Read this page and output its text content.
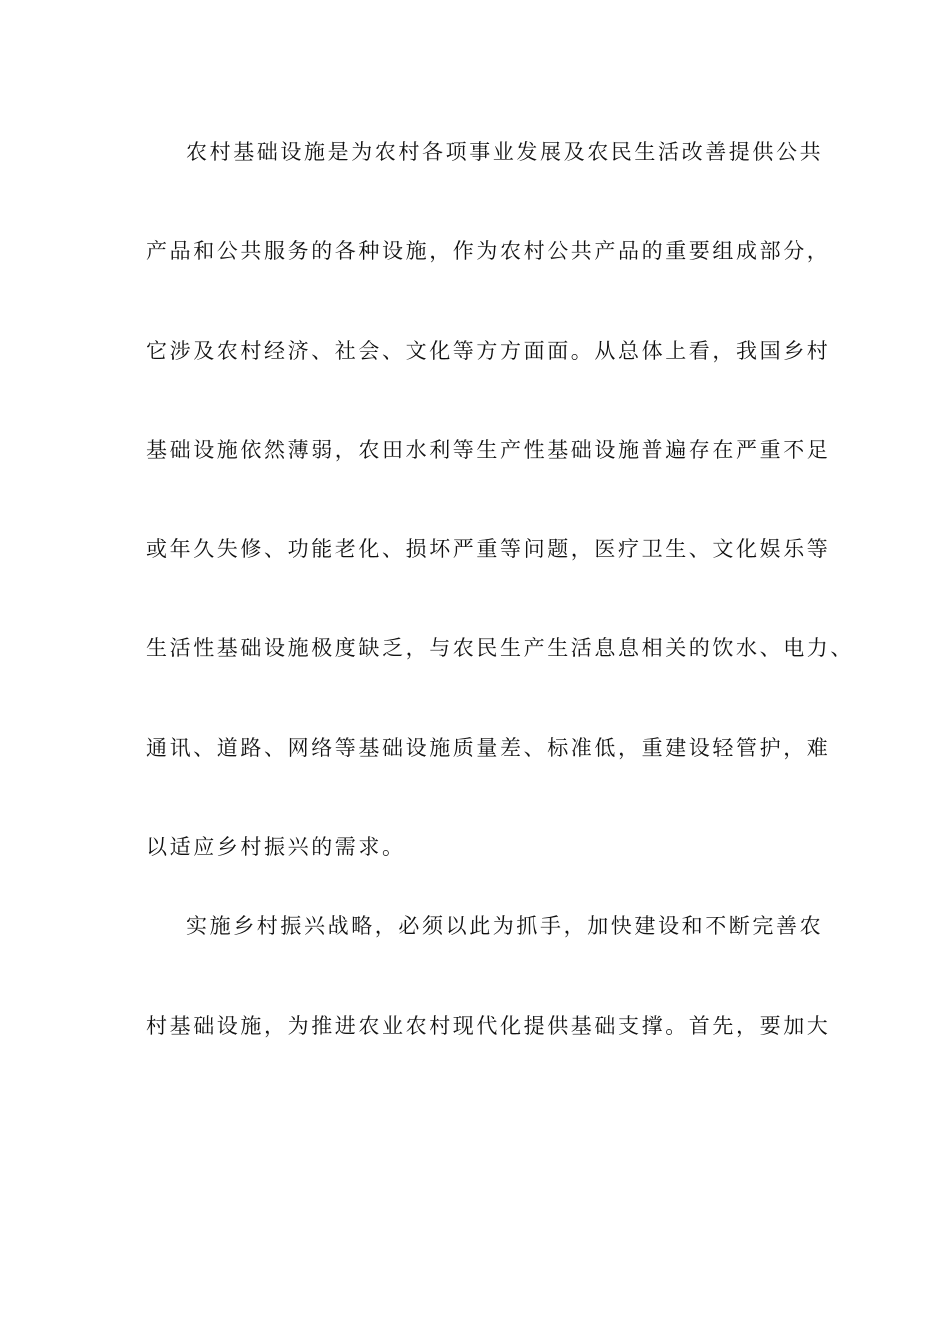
农村基础设施是为农村各项事业发展及农民生活改善提供公共
产品和公共服务的各种设施，作为农村公共产品的重要组成部分，
它涉及农村经济、社会、文化等方方面面。从总体上看，我国乡村
基础设施依然薄弱，农田水利等生产性基础设施普遍存在严重不足
或年久失修、功能老化、损坏严重等问题，医疗卫生、文化娱乐等
生活性基础设施极度缺乏，与农民生产生活息息相关的饮水、电力、
通讯、道路、网络等基础设施质量差、标准低，重建设轻管护，难
以适应乡村振兴的需求。
实施乡村振兴战略，必须以此为抓手，加快建设和不断完善农
村基础设施，为推进农业农村现代化提供基础支撑。首先，要加大
